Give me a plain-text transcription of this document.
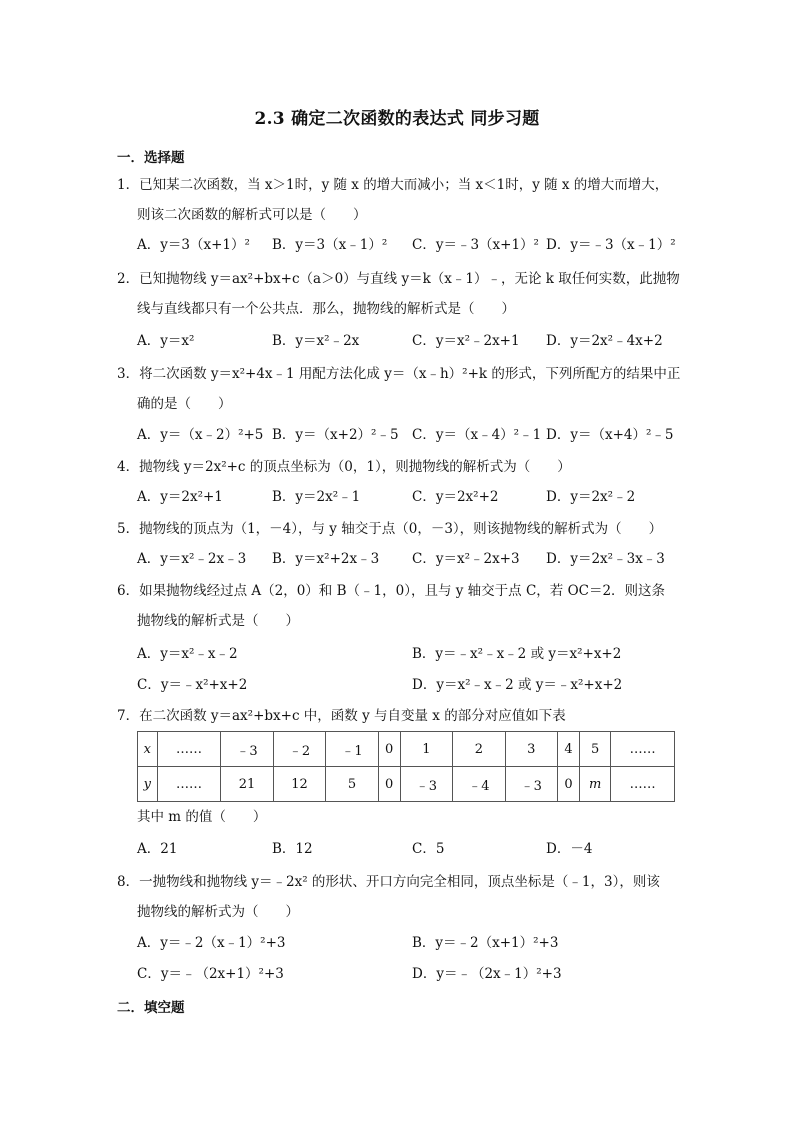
2.3 确定二次函数的表达式 同步习题
一．选择题
1．已知某二次函数，当 x＞1时，y 随 x 的增大而减小；当 x＜1时，y 随 x 的增大而增大，
则该二次函数的解析式可以是（　　）
A．y＝3（x+1）² B．y＝3（x﹣1）² C．y＝﹣3（x+1）² D．y＝﹣3（x﹣1）²
2．已知抛物线 y＝ax²+bx+c（a＞0）与直线 y＝k（x﹣1）﹣，无论 k 取任何实数，此抛物
线与直线都只有一个公共点．那么，抛物线的解析式是（　　）
A．y＝x²	B．y＝x²﹣2x	C．y＝x²﹣2x+1 D．y＝2x²﹣4x+2
3．将二次函数 y＝x²+4x﹣1 用配方法化成 y＝（x﹣h）²+k 的形式，下列所配方的结果中正
确的是（　　）
A．y＝（x﹣2）²+5 B．y＝（x+2）²﹣5 C．y＝（x﹣4）²﹣1 D．y＝（x+4）²﹣5
4．抛物线 y＝2x²+c 的顶点坐标为（0，1），则抛物线的解析式为（　　）
A．y＝2x²+1	B．y＝2x²﹣1	C．y＝2x²+2	D．y＝2x²﹣2
5．抛物线的顶点为（1，－4），与 y 轴交于点（0，－3），则该抛物线的解析式为（　　）
A．y＝x²﹣2x﹣3 B．y＝x²+2x﹣3 C．y＝x²﹣2x+3 D．y＝2x²﹣3x﹣3
6．如果抛物线经过点 A（2，0）和 B（﹣1，0），且与 y 轴交于点 C，若 OC＝2．则这条
抛物线的解析式是（　　）
A．y＝x²﹣x﹣2	B．y＝﹣x²﹣x﹣2 或 y＝x²+x+2
C．y＝﹣x²+x+2	D．y＝x²﹣x﹣2 或 y＝﹣x²+x+2
7．在二次函数 y＝ax²+bx+c 中，函数 y 与自变量 x 的部分对应值如下表
x	……	﹣3	﹣2	﹣1	0	1	2	3	4	5	……
y	……	21	12	5	0	﹣3	﹣4	﹣3	0	m	……
其中 m 的值（　　）
A．21	B．12	C．5	D．－4
8．一抛物线和抛物线 y＝﹣2x² 的形状、开口方向完全相同，顶点坐标是（﹣1，3），则该
抛物线的解析式为（　　）
A．y＝﹣2（x﹣1）²+3	B．y＝﹣2（x+1）²+3
C．y＝﹣（2x+1）²+3	D．y＝﹣（2x﹣1）²+3
二．填空题
